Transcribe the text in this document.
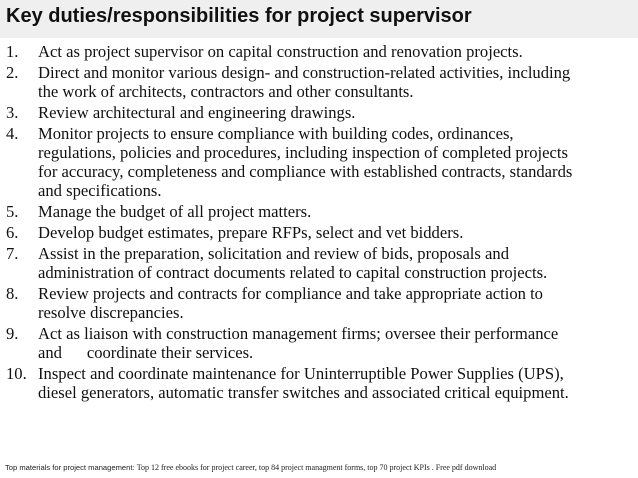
Key duties/responsibilities for project supervisor
1. Act as project supervisor on capital construction and renovation projects.
2. Direct and monitor various design- and construction-related activities, including
the work of architects, contractors and other consultants.
3. Review architectural and engineering drawings.
4. Monitor projects to ensure compliance with building codes, ordinances,
regulations, policies and procedures, including inspection of completed projects
for accuracy, completeness and compliance with established contracts, standards
and specifications.
5. Manage the budget of all project matters.
6. Develop budget estimates, prepare RFPs, select and vet bidders.
7. Assist in the preparation, solicitation and review of bids, proposals and
administration of contract documents related to capital construction projects.
8. Review projects and contracts for compliance and take appropriate action to
resolve discrepancies.
9. Act as liaison with construction management firms; oversee their performance
and      coordinate their services.
10. Inspect and coordinate maintenance for Uninterruptible Power Supplies (UPS),
diesel generators, automatic transfer switches and associated critical equipment.
Top materials for project management: Top 12 free ebooks for project career, top 84 project managment forms, top 70 project KPIs . Free pdf download
